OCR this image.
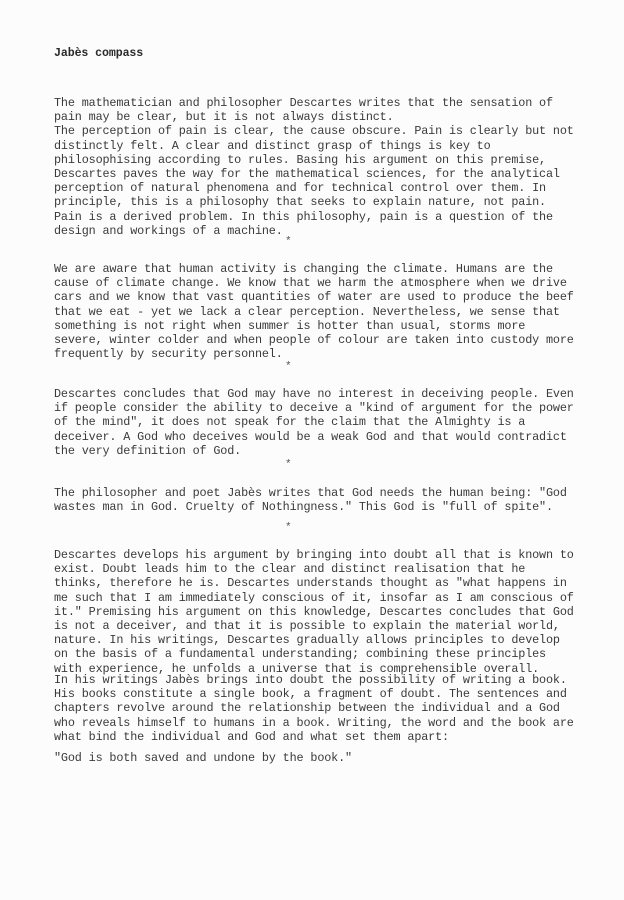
Jabès compass
The mathematician and philosopher Descartes writes that the sensation of
pain may be clear, but it is not always distinct.
The perception of pain is clear, the cause obscure. Pain is clearly but not
distinctly felt. A clear and distinct grasp of things is key to
philosophising according to rules. Basing his argument on this premise,
Descartes paves the way for the mathematical sciences, for the analytical
perception of natural phenomena and for technical control over them. In
principle, this is a philosophy that seeks to explain nature, not pain.
Pain is a derived problem. In this philosophy, pain is a question of the
design and workings of a machine.
*
We are aware that human activity is changing the climate. Humans are the
cause of climate change. We know that we harm the atmosphere when we drive
cars and we know that vast quantities of water are used to produce the beef
that we eat - yet we lack a clear perception. Nevertheless, we sense that
something is not right when summer is hotter than usual, storms more
severe, winter colder and when people of colour are taken into custody more
frequently by security personnel.
*
Descartes concludes that God may have no interest in deceiving people. Even
if people consider the ability to deceive a "kind of argument for the power
of the mind", it does not speak for the claim that the Almighty is a
deceiver. A God who deceives would be a weak God and that would contradict
the very definition of God.
*
The philosopher and poet Jabès writes that God needs the human being: "God
wastes man in God. Cruelty of Nothingness." This God is "full of spite".
*
Descartes develops his argument by bringing into doubt all that is known to
exist. Doubt leads him to the clear and distinct realisation that he
thinks, therefore he is. Descartes understands thought as "what happens in
me such that I am immediately conscious of it, insofar as I am conscious of
it." Premising his argument on this knowledge, Descartes concludes that God
is not a deceiver, and that it is possible to explain the material world,
nature. In his writings, Descartes gradually allows principles to develop
on the basis of a fundamental understanding; combining these principles
with experience, he unfolds a universe that is comprehensible overall.
In his writings Jabès brings into doubt the possibility of writing a book.
His books constitute a single book, a fragment of doubt. The sentences and
chapters revolve around the relationship between the individual and a God
who reveals himself to humans in a book. Writing, the word and the book are
what bind the individual and God and what set them apart:
"God is both saved and undone by the book."
